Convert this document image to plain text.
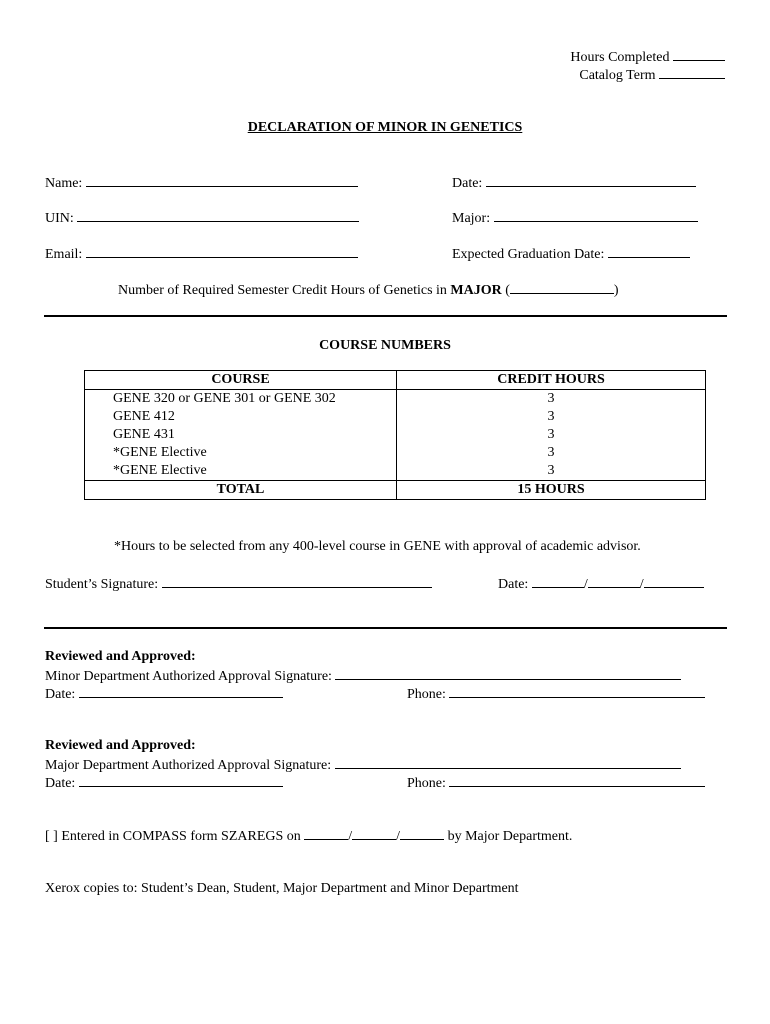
Hours Completed
Catalog Term
DECLARATION OF MINOR IN GENETICS
Name:	Date:
UIN:	Major:
Email:	Expected Graduation Date:
Number of Required Semester Credit Hours of Genetics in MAJOR (	)
COURSE NUMBERS
COURSE	CREDIT HOURS
GENE 320 or GENE 301 or GENE 302	3
GENE 412	3
GENE 431	3
*GENE Elective	3
*GENE Elective	3
TOTAL	15 HOURS
*Hours to be selected from any 400-level course in GENE with approval of academic advisor.
Student’s Signature:	Date:	/	/
Reviewed and Approved:
Minor Department Authorized Approval Signature:
Date:	Phone:
Reviewed and Approved:
Major Department Authorized Approval Signature:
Date:	Phone:
[ ] Entered in COMPASS form SZAREGS on	/	/	by Major Department.
Xerox copies to: Student’s Dean, Student, Major Department and Minor Department
